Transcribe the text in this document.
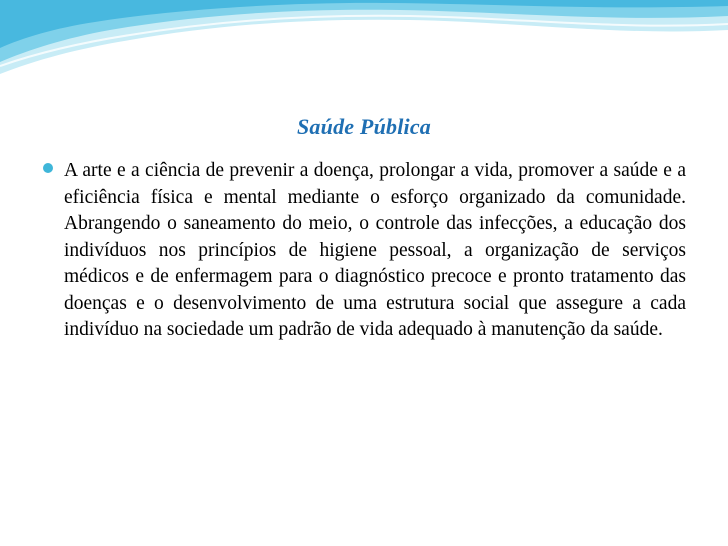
Saúde Pública

A arte e a ciência de prevenir a doença, prolongar a vida, promover a saúde e a eficiência física e mental mediante o esforço organizado da comunidade. Abrangendo o saneamento do meio, o controle das infecções, a educação dos indivíduos nos princípios de higiene pessoal, a organização de serviços médicos e de enfermagem para o diagnóstico precoce e pronto tratamento das doenças e o desenvolvimento de uma estrutura social que assegure a cada indivíduo na sociedade um padrão de vida adequado à manutenção da saúde.
